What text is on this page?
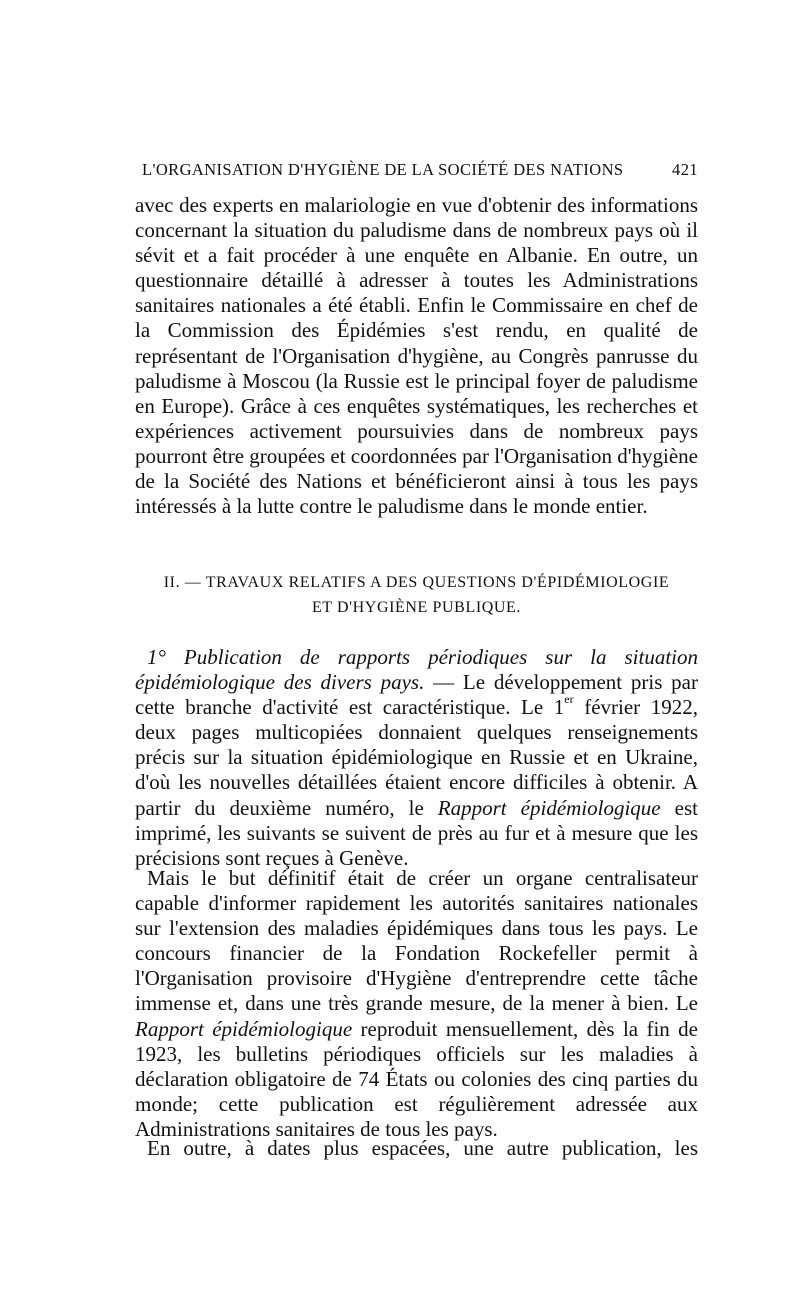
L'ORGANISATION D'HYGIÈNE DE LA SOCIÉTÉ DES NATIONS	421

avec des experts en malariologie en vue d'obtenir des informations concernant la situation du paludisme dans de nombreux pays où il sévit et a fait procéder à une enquête en Albanie. En outre, un questionnaire détaillé à adresser à toutes les Administrations sanitaires nationales a été établi. Enfin le Commissaire en chef de la Commission des Épidémies s'est rendu, en qualité de représentant de l'Organisation d'hygiène, au Congrès panrusse du paludisme à Moscou (la Russie est le principal foyer de paludisme en Europe). Grâce à ces enquêtes systématiques, les recherches et expériences activement poursuivies dans de nombreux pays pourront être groupées et coordonnées par l'Organisation d'hygiène de la Société des Nations et bénéficieront ainsi à tous les pays intéressés à la lutte contre le paludisme dans le monde entier.

II. — TRAVAUX RELATIFS A DES QUESTIONS D'ÉPIDÉMIOLOGIE
ET D'HYGIÈNE PUBLIQUE.

1° Publication de rapports périodiques sur la situation épidémiologique des divers pays. — Le développement pris par cette branche d'activité est caractéristique. Le 1er février 1922, deux pages multicopiées donnaient quelques renseignements précis sur la situation épidémiologique en Russie et en Ukraine, d'où les nouvelles détaillées étaient encore difficiles à obtenir. A partir du deuxième numéro, le Rapport épidémiologique est imprimé, les suivants se suivent de près au fur et à mesure que les précisions sont reçues à Genève.

Mais le but définitif était de créer un organe centralisateur capable d'informer rapidement les autorités sanitaires nationales sur l'extension des maladies épidémiques dans tous les pays. Le concours financier de la Fondation Rockefeller permit à l'Organisation provisoire d'Hygiène d'entreprendre cette tâche immense et, dans une très grande mesure, de la mener à bien. Le Rapport épidémiologique reproduit mensuellement, dès la fin de 1923, les bulletins périodiques officiels sur les maladies à déclaration obligatoire de 74 États ou colonies des cinq parties du monde; cette publication est régulièrement adressée aux Administrations sanitaires de tous les pays.

En outre, à dates plus espacées, une autre publication, les
